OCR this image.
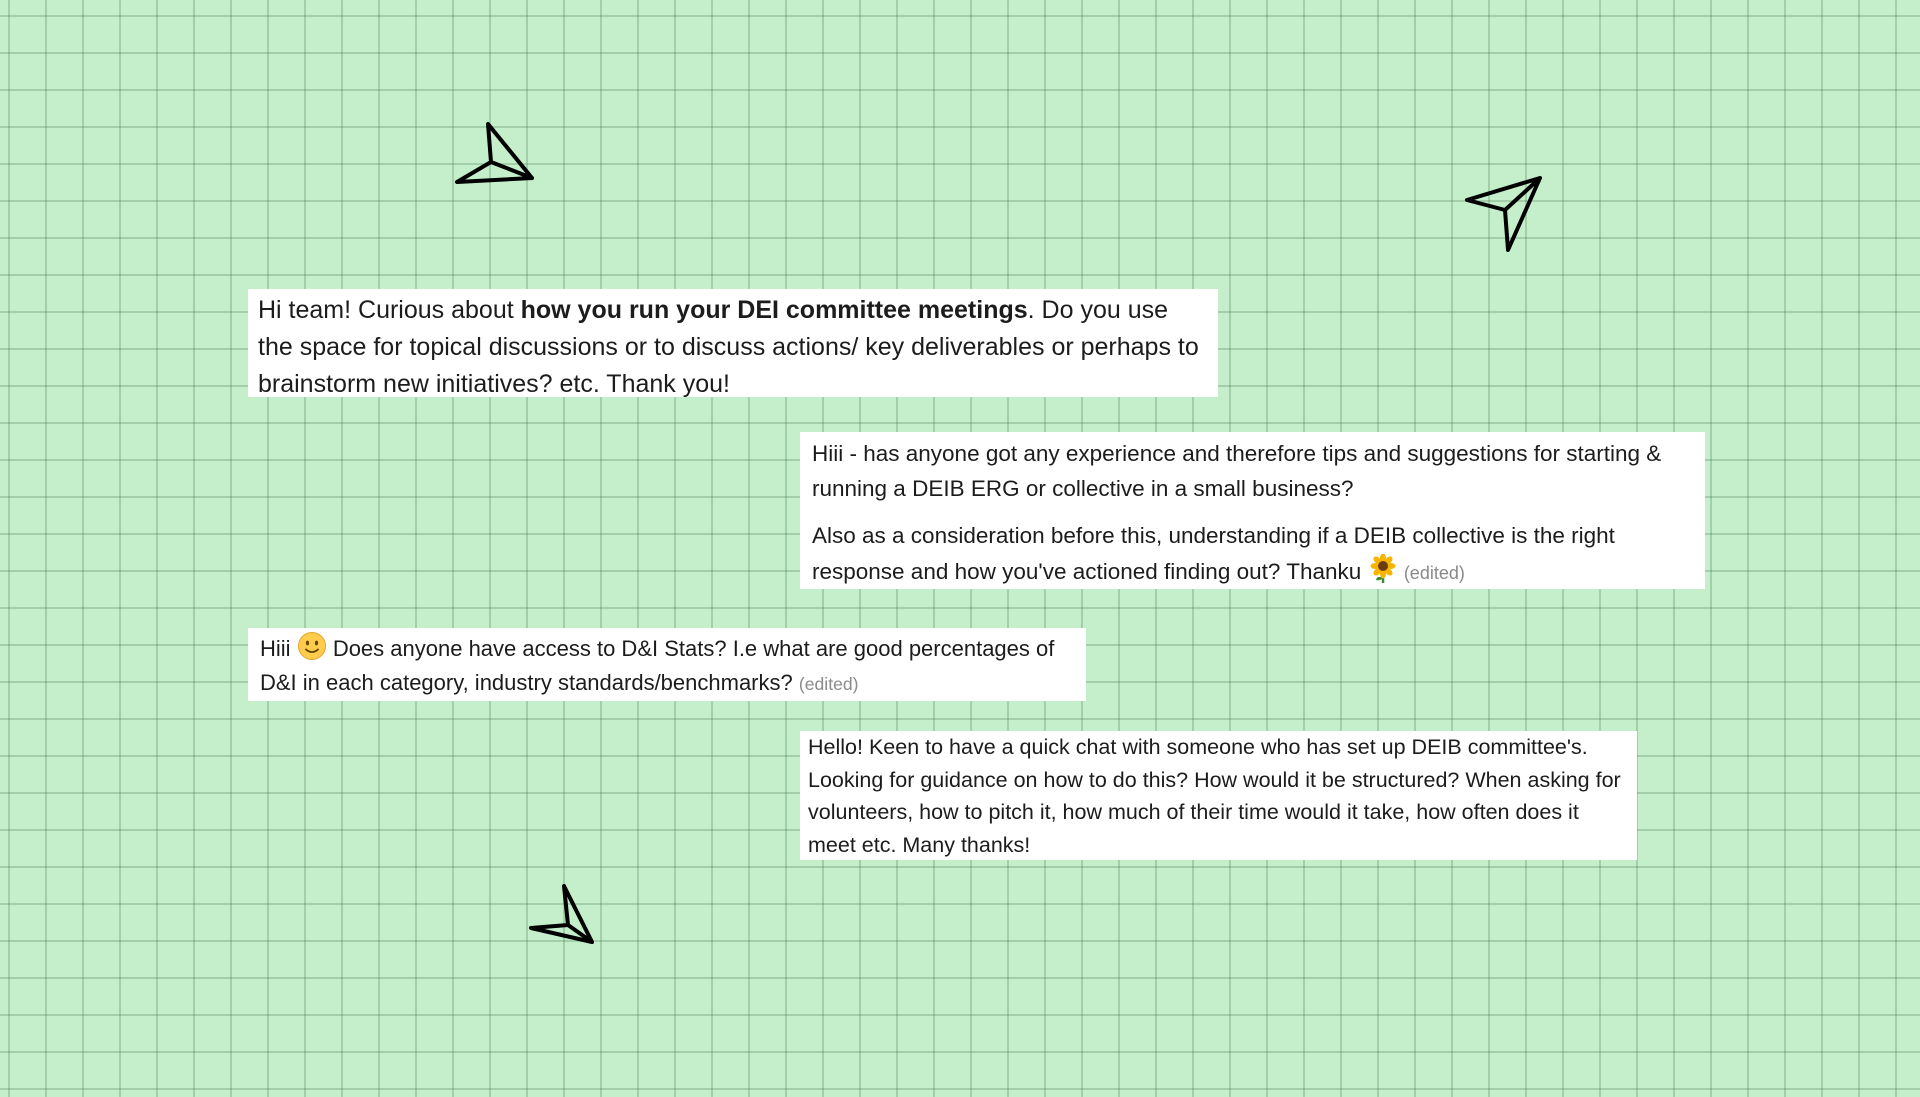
Hi team! Curious about how you run your DEI committee meetings. Do you use the space for topical discussions or to discuss actions/ key deliverables or perhaps to brainstorm new initiatives? etc. Thank you!

Hiii - has anyone got any experience and therefore tips and suggestions for starting & running a DEIB ERG or collective in a small business?

Also as a consideration before this, understanding if a DEIB collective is the right response and how you've actioned finding out? Thanku (edited)

Hiii Does anyone have access to D&I Stats? I.e what are good percentages of D&I in each category, industry standards/benchmarks? (edited)

Hello! Keen to have a quick chat with someone who has set up DEIB committee's. Looking for guidance on how to do this? How would it be structured? When asking for volunteers, how to pitch it, how much of their time would it take, how often does it meet etc. Many thanks!
